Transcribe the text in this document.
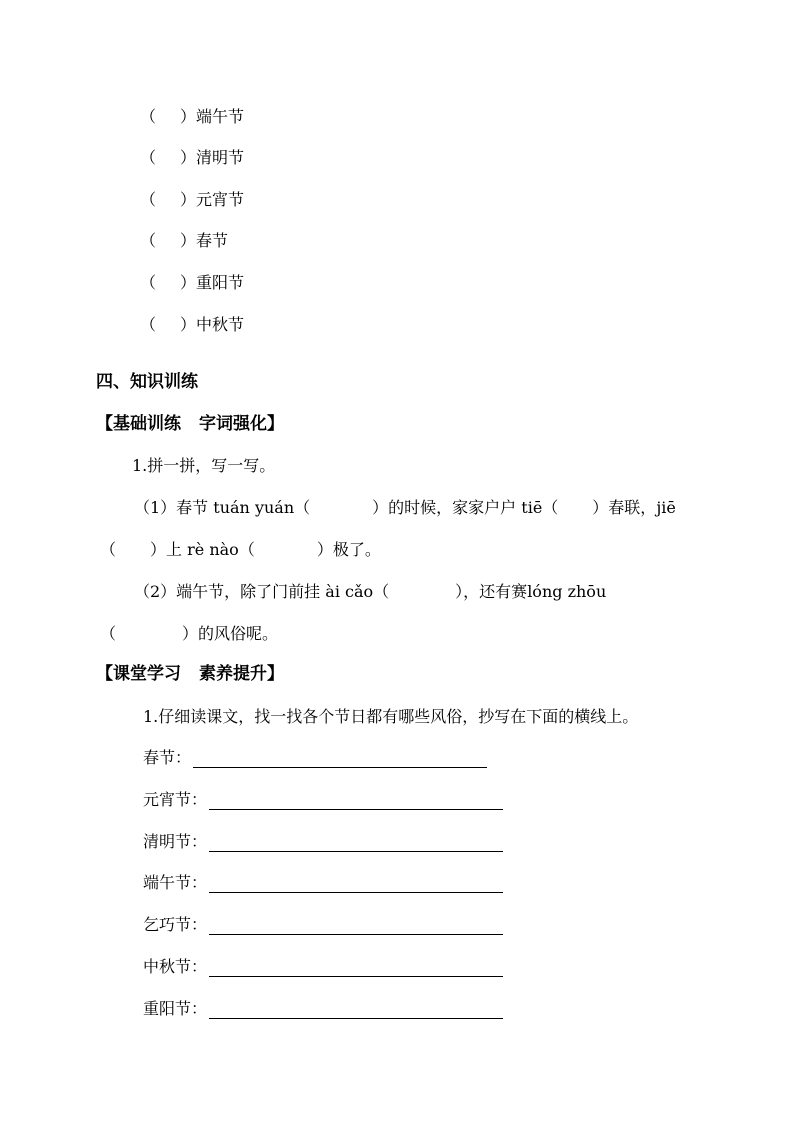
（	） 端午节
（	） 清明节
（	） 元宵节
（	） 春节
（	） 重阳节
（	） 中秋节
四、知识训练
【基础训练 字词强化】
1.拼一拼，写一写。
（1）春节 tuán yuán（	）的时候，家家户户 tiē（ ）春联，jiē
（ ）上 rè nào（	）极了。
（2）端午节，除了门前挂 ài cǎo（	），还有赛lóng zhōu
（	）的风俗呢。
【课堂学习 素养提升】
1.仔细读课文，找一找各个节日都有哪些风俗，抄写在下面的横线上。
春节：
元宵节：
清明节：
端午节：
乞巧节：
中秋节：
重阳节：
